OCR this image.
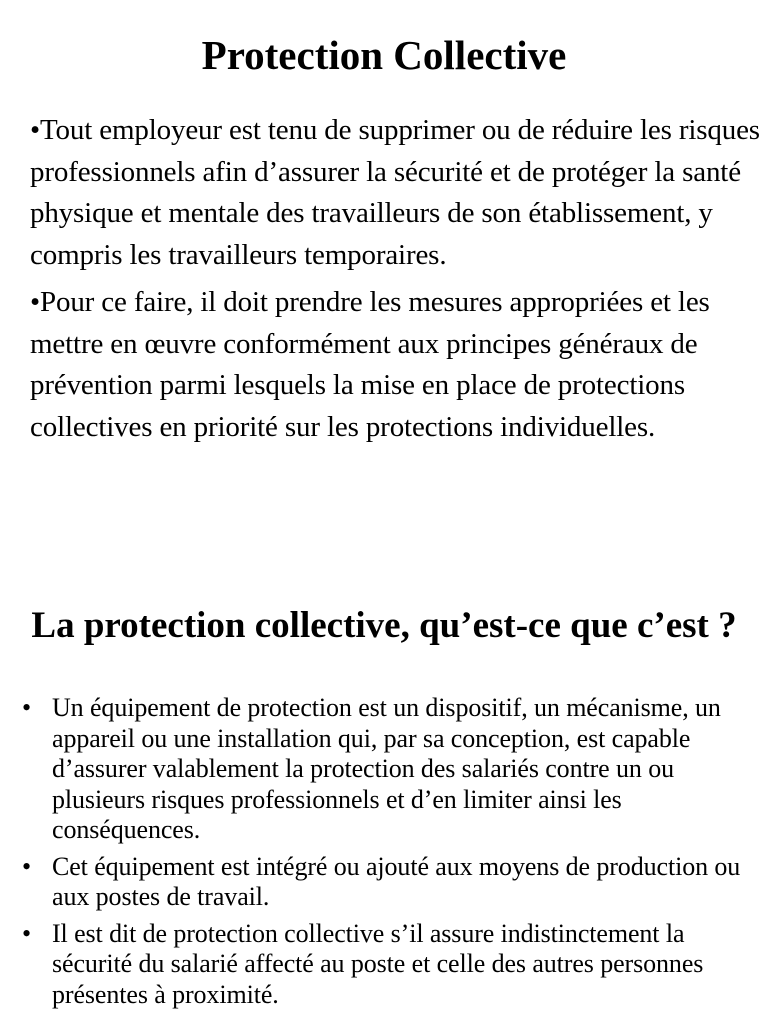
Protection Collective

•Tout employeur est tenu de supprimer ou de réduire les risques professionnels afin d’assurer la sécurité et de protéger la santé physique et mentale des travailleurs de son établissement, y compris les travailleurs temporaires.

•Pour ce faire, il doit prendre les mesures appropriées et les mettre en œuvre conformément aux principes généraux de prévention parmi lesquels la mise en place de protections collectives en priorité sur les protections individuelles.

La protection collective, qu’est-ce que c’est ?
• Un équipement de protection est un dispositif, un mécanisme, un appareil ou une installation qui, par sa conception, est capable d’assurer valablement la protection des salariés contre un ou plusieurs risques professionnels et d’en limiter ainsi les conséquences.
• Cet équipement est intégré ou ajouté aux moyens de production ou aux postes de travail.
• Il est dit de protection collective s’il assure indistinctement la sécurité du salarié affecté au poste et celle des autres personnes présentes à proximité.
